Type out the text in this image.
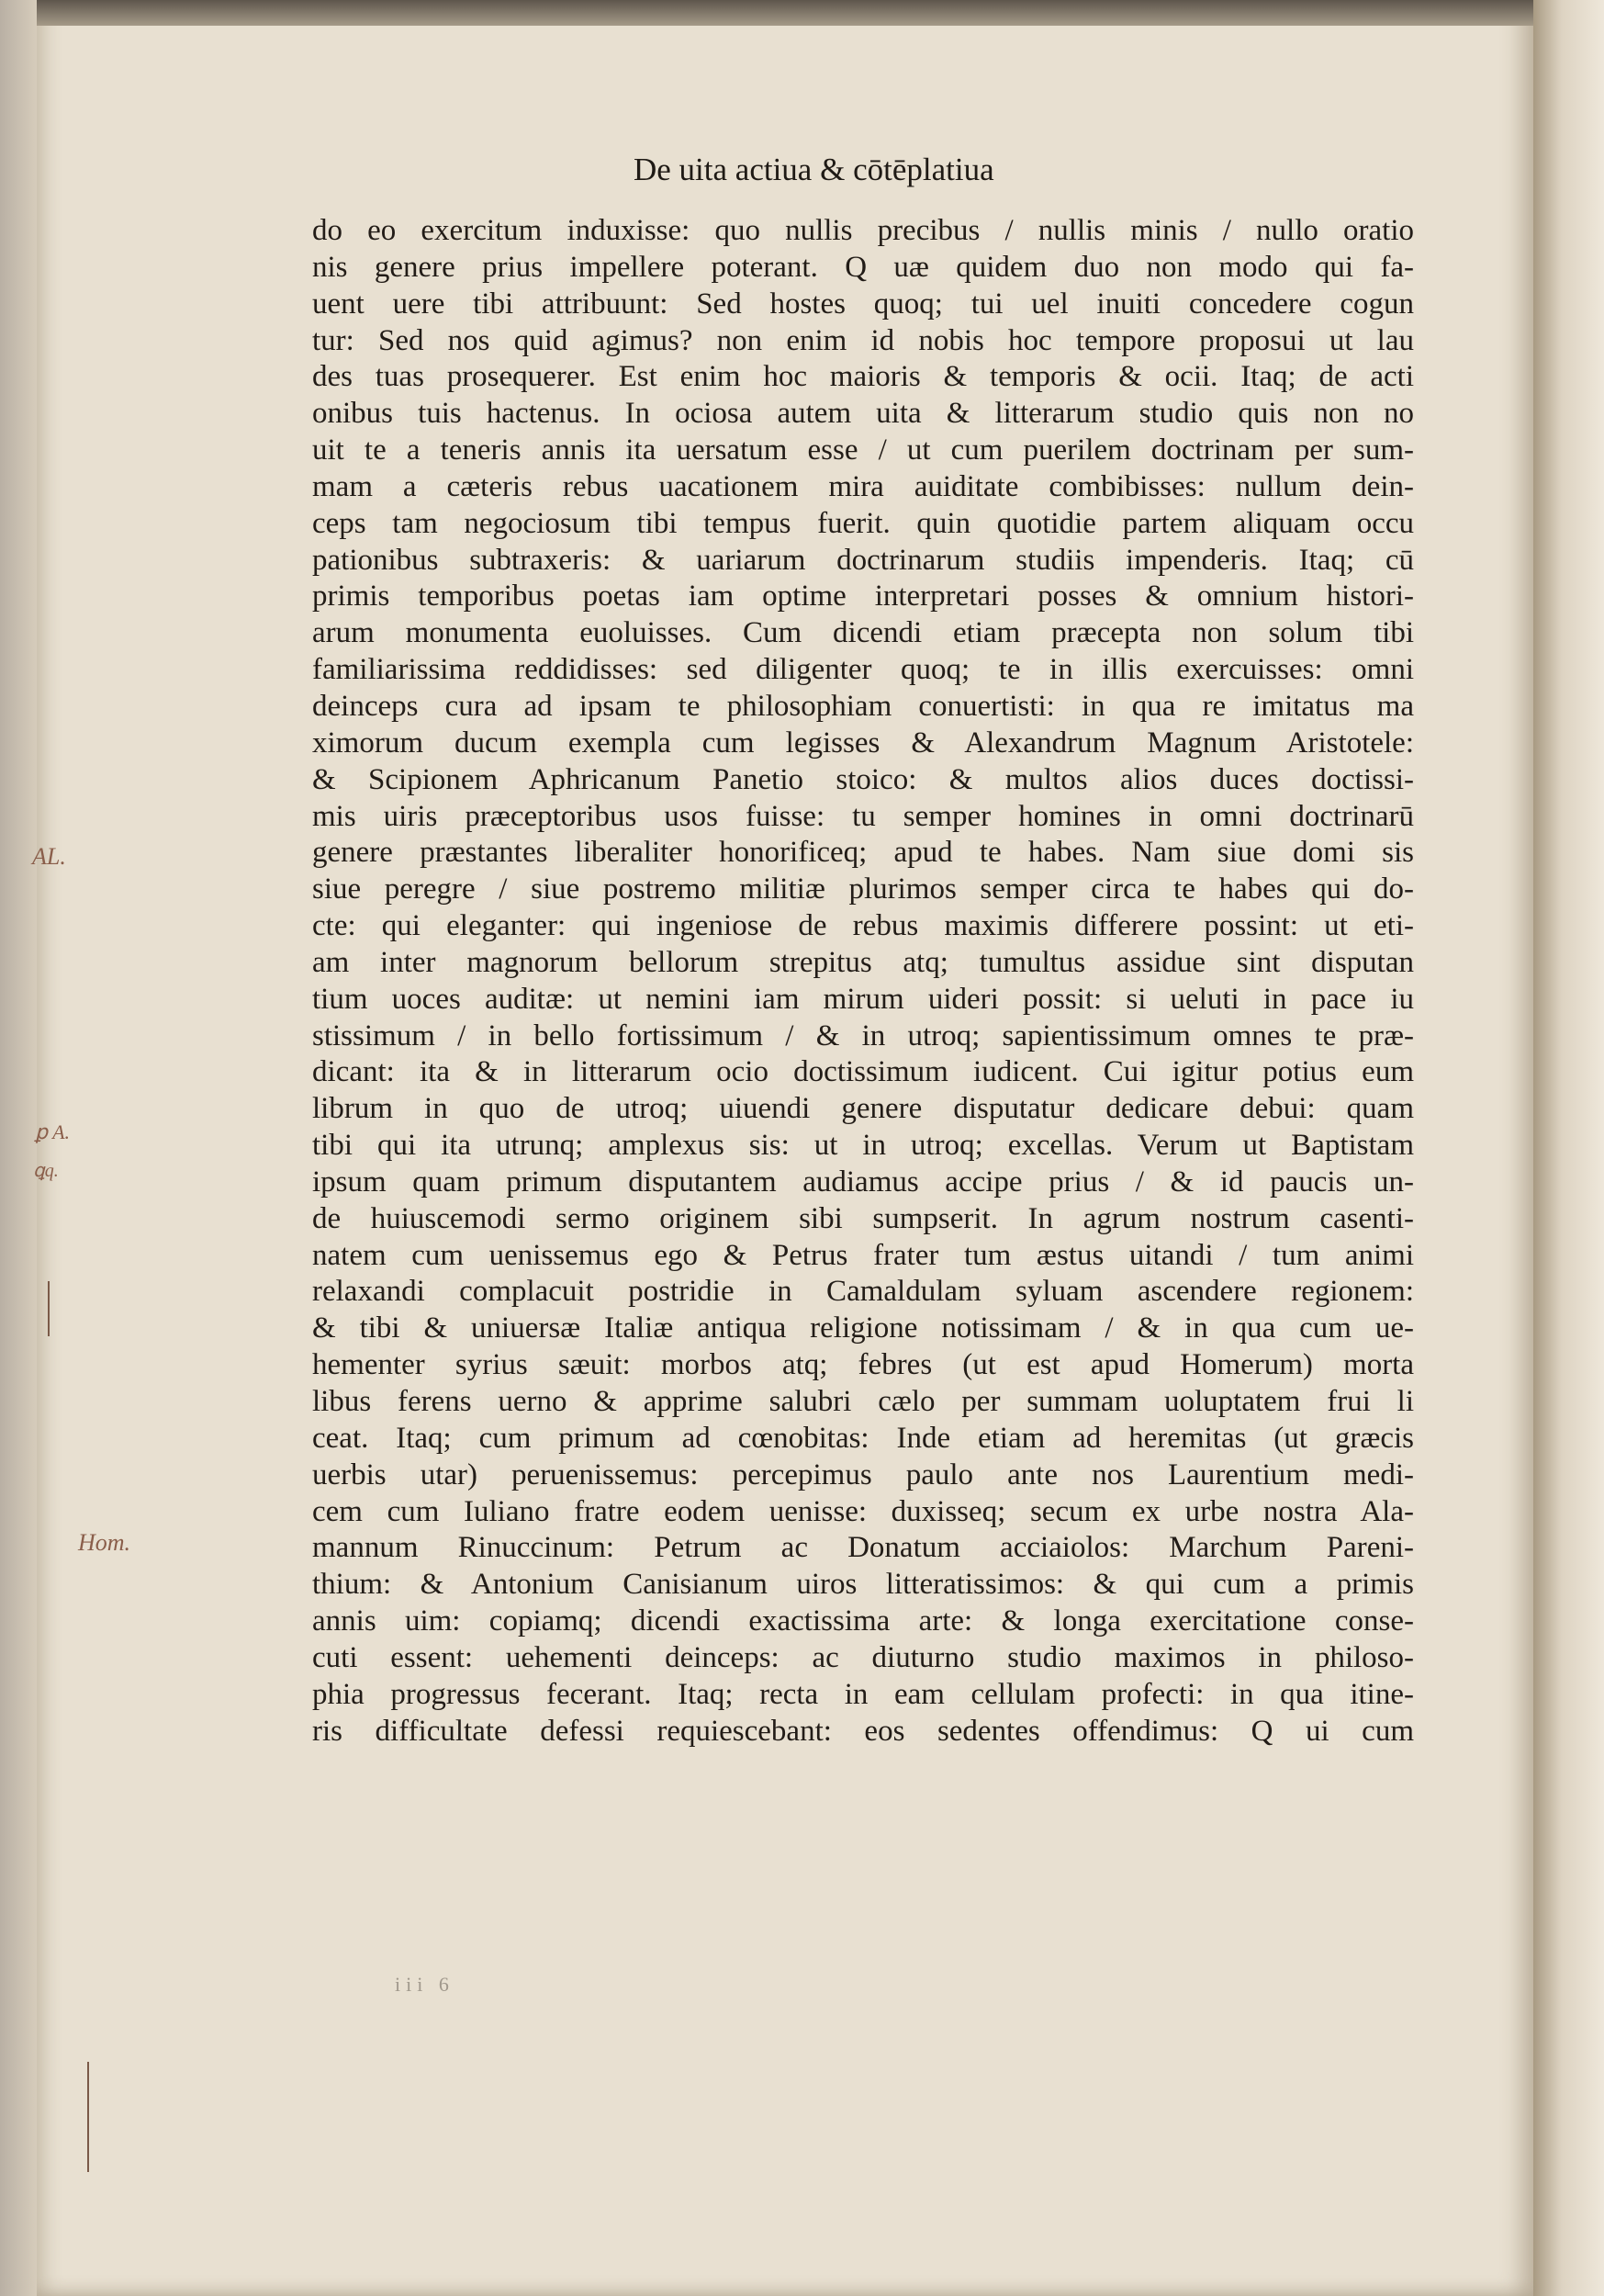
De uita actiua & cōtēplatiua
do eo exercitum induxisse: quo nullis precibus / nullis minis / nullo oratio
nis genere prius impellere poterant. Q uæ quidem duo non modo qui fa-
uent uere tibi attribuunt: Sed hostes quoq; tui uel inuiti concedere cogun
tur: Sed nos quid agimus? non enim id nobis hoc tempore proposui ut lau
des tuas prosequerer. Est enim hoc maioris & temporis & ocii. Itaq; de acti
onibus tuis hactenus. In ociosa autem uita & litterarum studio quis non no
uit te a teneris annis ita uersatum esse / ut cum puerilem doctrinam per sum-
mam a cæteris rebus uacationem mira auiditate combibisses: nullum dein-
ceps tam negociosum tibi tempus fuerit. quin quotidie partem aliquam occu
pationibus subtraxeris: & uariarum doctrinarum studiis impenderis. Itaq; cū
primis temporibus poetas iam optime interpretari posses & omnium histori-
arum monumenta euoluisses. Cum dicendi etiam præcepta non solum tibi
familiarissima reddidisses: sed diligenter quoq; te in illis exercuisses: omni
deinceps cura ad ipsam te philosophiam conuertisti: in qua re imitatus ma
ximorum ducum exempla cum legisses & Alexandrum Magnum Aristotele:
& Scipionem Aphricanum Panetio stoico: & multos alios duces doctissi-
mis uiris præceptoribus usos fuisse: tu semper homines in omni doctrinarū
genere præstantes liberaliter honorificeq; apud te habes. Nam siue domi sis
siue peregre / siue postremo militiæ plurimos semper circa te habes qui do-
cte: qui eleganter: qui ingeniose de rebus maximis differere possint: ut eti-
am inter magnorum bellorum strepitus atq; tumultus assidue sint disputan
tium uoces auditæ: ut nemini iam mirum uideri possit: si ueluti in pace iu
stissimum / in bello fortissimum / & in utroq; sapientissimum omnes te præ-
dicant: ita & in litterarum ocio doctissimum iudicent. Cui igitur potius eum
librum in quo de utroq; uiuendi genere disputatur dedicare debui: quam
tibi qui ita utrunq; amplexus sis: ut in utroq; excellas. Verum ut Baptistam
ipsum quam primum disputantem audiamus accipe prius / & id paucis un-
de huiuscemodi sermo originem sibi sumpserit. In agrum nostrum casenti-
natem cum uenissemus ego & Petrus frater tum æstus uitandi / tum animi
relaxandi complacuit postridie in Camaldulam syluam ascendere regionem:
& tibi & uniuersæ Italiæ antiqua religione notissimam / & in qua cum ue-
hementer syrius sæuit: morbos atq; febres (ut est apud Homerum) morta
libus ferens uerno & apprime salubri cælo per summam uoluptatem frui li
ceat. Itaq; cum primum ad cœnobitas: Inde etiam ad heremitas (ut græcis
uerbis utar) peruenissemus: percepimus paulo ante nos Laurentium medi-
cem cum Iuliano fratre eodem uenisse: duxisseq; secum ex urbe nostra Ala-
mannum Rinuccinum: Petrum ac Donatum acciaiolos: Marchum Pareni-
thium: & Antonium Canisianum uiros litteratissimos: & qui cum a primis
annis uim: copiamq; dicendi exactissima arte: & longa exercitatione conse-
cuti essent: uehementi deinceps: ac diuturno studio maximos in philoso-
phia progressus fecerant. Itaq; recta in eam cellulam profecti: in qua itine-
ris difficultate defessi requiescebant: eos sedentes offendimus: Q ui cum
AL.
ꝑ A.
ꝗq.
Hom.
iii 6
